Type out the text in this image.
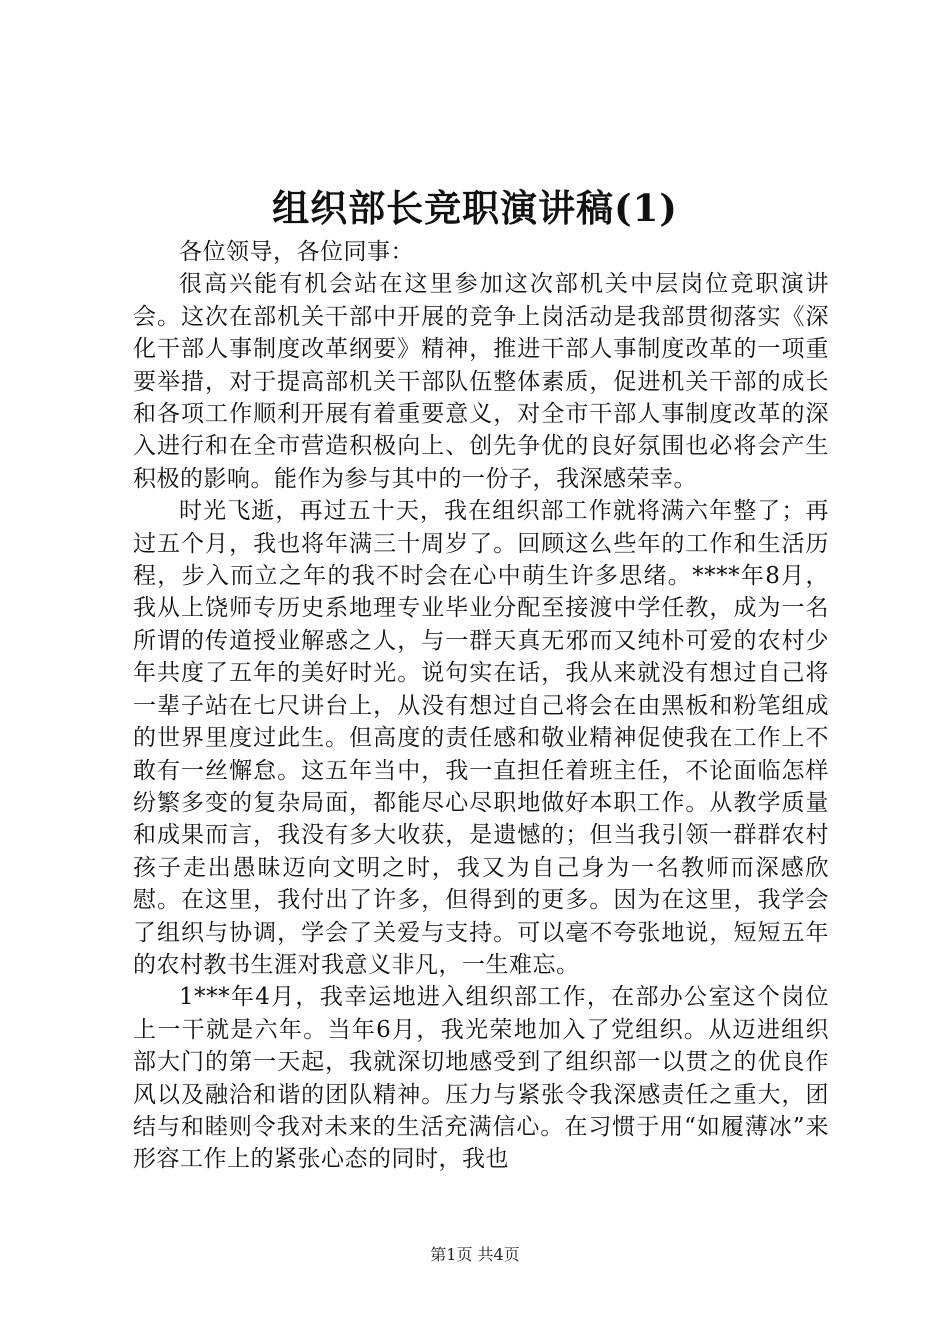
组织部长竞职演讲稿(1)

各位领导，各位同事：

很高兴能有机会站在这里参加这次部机关中层岗位竞职演讲会。这次在部机关干部中开展的竞争上岗活动是我部贯彻落实《深化干部人事制度改革纲要》精神，推进干部人事制度改革的一项重要举措，对于提高部机关干部队伍整体素质，促进机关干部的成长和各项工作顺利开展有着重要意义，对全市干部人事制度改革的深入进行和在全市营造积极向上、创先争优的良好氛围也必将会产生积极的影响。能作为参与其中的一份子，我深感荣幸。

时光飞逝，再过五十天，我在组织部工作就将满六年整了；再过五个月，我也将年满三十周岁了。回顾这么些年的工作和生活历程，步入而立之年的我不时会在心中萌生许多思绪。****年8月，我从上饶师专历史系地理专业毕业分配至接渡中学任教，成为一名所谓的传道授业解惑之人，与一群天真无邪而又纯朴可爱的农村少年共度了五年的美好时光。说句实在话，我从来就没有想过自己将一辈子站在七尺讲台上，从没有想过自己将会在由黑板和粉笔组成的世界里度过此生。但高度的责任感和敬业精神促使我在工作上不敢有一丝懈怠。这五年当中，我一直担任着班主任，不论面临怎样纷繁多变的复杂局面，都能尽心尽职地做好本职工作。从教学质量和成果而言，我没有多大收获，是遗憾的；但当我引领一群群农村孩子走出愚昧迈向文明之时，我又为自己身为一名教师而深感欣慰。在这里，我付出了许多，但得到的更多。因为在这里，我学会了组织与协调，学会了关爱与支持。可以毫不夸张地说，短短五年的农村教书生涯对我意义非凡，一生难忘。

1***年4月，我幸运地进入组织部工作，在部办公室这个岗位上一干就是六年。当年6月，我光荣地加入了党组织。从迈进组织部大门的第一天起，我就深切地感受到了组织部一以贯之的优良作风以及融洽和谐的团队精神。压力与紧张令我深感责任之重大，团结与和睦则令我对未来的生活充满信心。在习惯于用“如履薄冰”来形容工作上的紧张心态的同时，我也

第1页 共4页
